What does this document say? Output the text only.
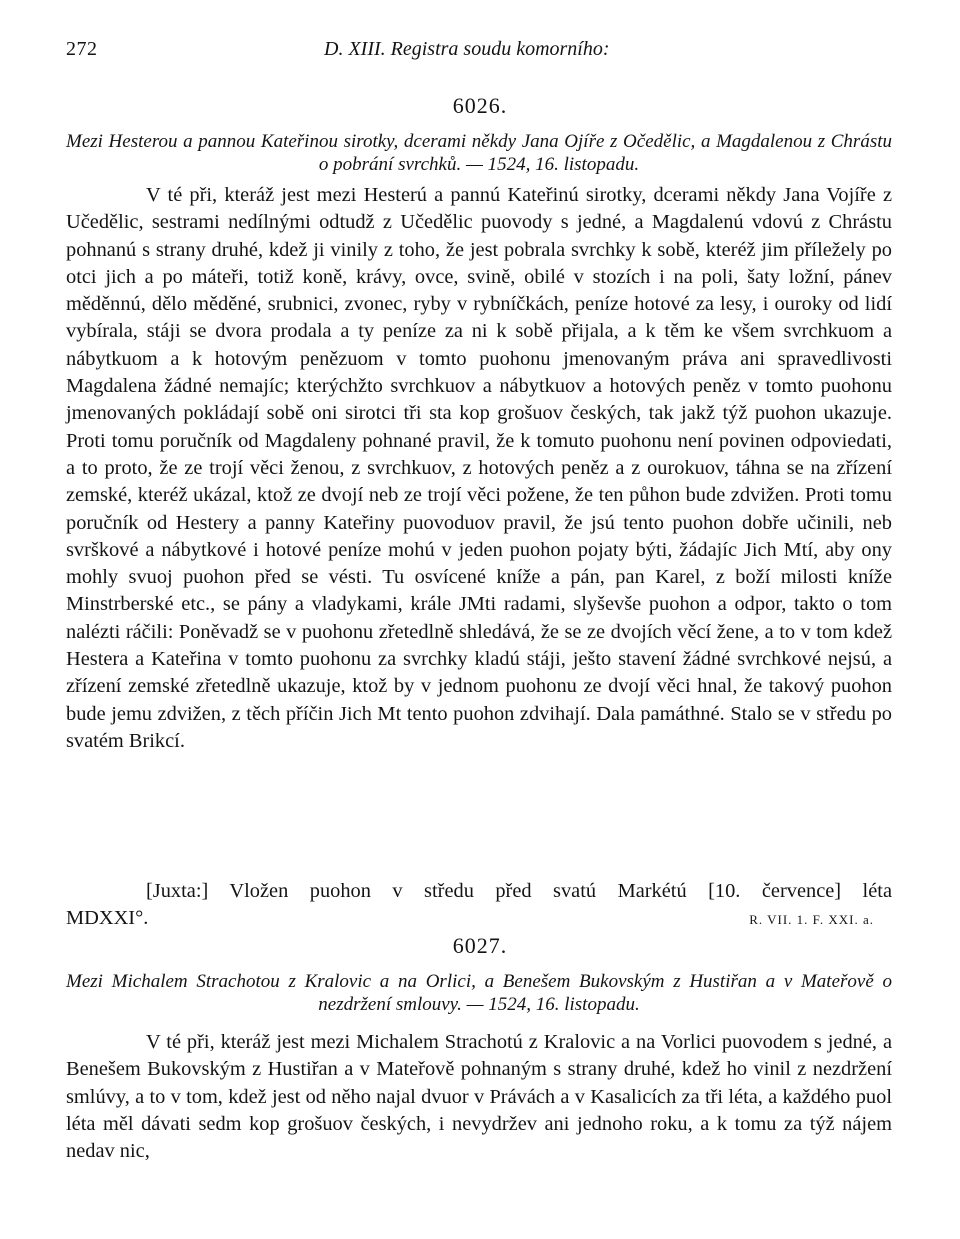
272	D. XIII. Registra soudu komorního:
6026.
Mezi Hesterou a pannou Kateřinou sirotky, dcerami někdy Jana Ojíře z Očedělic, a Magdalenou z Chrástu o pobrání svrchků. — 1524, 16. listopadu.

V té při, kteráž jest mezi Hesterú a pannú Kateřinú sirotky, dcerami někdy Jana Vojíře z Učedělic, sestrami nedílnými odtudž z Učedělic puovody s jedné, a Magdalenú vdovú z Chrástu pohnanú s strany druhé, kdež ji vinily z toho, že jest pobrala svrchky k sobě, kteréž jim příležely po otci jich a po máteři, totiž koně, krávy, ovce, svině, obilé v stozích i na poli, šaty ložní, pánev měděnnú, dělo měděné, srubnici, zvonec, ryby v rybníčkách, peníze hotové za lesy, i ouroky od lidí vybírala, stáji se dvora prodala a ty peníze za ni k sobě přijala, a k těm ke všem svrchkuom a nábytkuom a k hotovým penězuom v tomto puohonu jmenovaným práva ani spravedlivosti Magdalena žádné nemajíc; kterýchžto svrchkuov a nábytkuov a hotových peněz v tomto puohonu jmenovaných pokládají sobě oni sirotci tři sta kop grošuov českých, tak jakž týž puohon ukazuje. Proti tomu poručník od Magdaleny pohnané pravil, že k tomuto puohonu není povinen odpoviedati, a to proto, že ze trojí věci ženou, z svrchkuov, z hotových peněz a z ourokuov, táhna se na zřízení zemské, kteréž ukázal, ktož ze dvojí neb ze trojí věci požene, že ten půhon bude zdvižen. Proti tomu poručník od Hestery a panny Kateřiny puovoduov pravil, že jsú tento puohon dobře učinili, neb svrškové a nábytkové i hotové peníze mohú v jeden puohon pojaty býti, žádajíc Jich Mtí, aby ony mohly svuoj puohon před se vésti. Tu osvícené kníže a pán, pan Karel, z boží milosti kníže Minstrberské etc., se pány a vladykami, krále JMti radami, slyševše puohon a odpor, takto o tom nalézti ráčili: Poněvadž se v puohonu zřetedlně shledává, že se ze dvojích věcí žene, a to v tom kdež Hestera a Kateřina v tomto puohonu za svrchky kladú stáji, ješto stavení žádné svrchkové nejsú, a zřízení zemské zřetedlně ukazuje, ktož by v jednom puohonu ze dvojí věci hnal, že takový puohon bude jemu zdvižen, z těch příčin Jich Mt tento puohon zdvihají. Dala památhné. Stalo se v středu po svatém Brikcí.

[Juxta:] Vložen puohon v středu před svatú Markétú [10. července] léta
MDXXI°.	R. VII. 1. F. XXI. a.
6027.
Mezi Michalem Strachotou z Kralovic a na Orlici, a Benešem Bukovským z Hustiřan a v Mateřově o nezdržení smlouvy. — 1524, 16. listopadu.

V té při, kteráž jest mezi Michalem Strachotú z Kralovic a na Vorlici puovodem s jedné, a Benešem Bukovským z Hustiřan a v Mateřově pohnaným s strany druhé, kdež ho vinil z nezdržení smlúvy, a to v tom, kdež jest od něho najal dvuor v Právách a v Kasalicích za tři léta, a každého puol léta měl dávati sedm kop grošuov českých, i nevydržev ani jednoho roku, a k tomu za týž nájem nedav nic,
